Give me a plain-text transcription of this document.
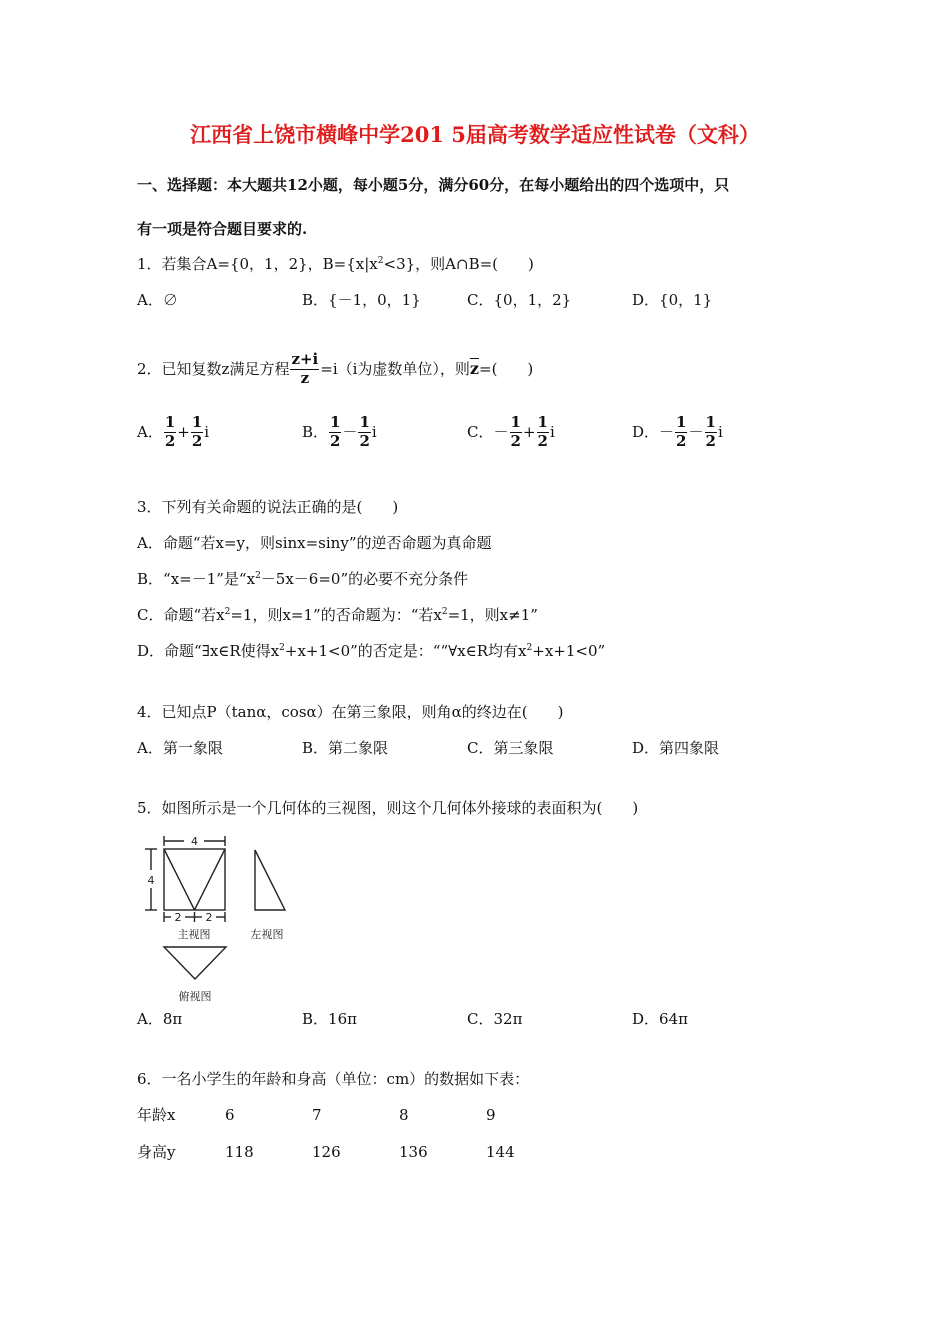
江西省上饶市横峰中学201 5届高考数学适应性试卷（文科）
一、选择题：本大题共12小题，每小题5分，满分60分，在每小题给出的四个选项中，只
有一项是符合题目要求的.
1．若集合A={0，1，2}，$B=\{x|x^2<3\}$，则A∩B=(　　)
A．∅	B．{－1，0，1}	C．{0，1，2}	D．{0，1}
2．已知复数z满足方程 $\frac{z+i}{z} =i(i$为虚数单位），则 $\overline{z}$ =(　　)
A． $\frac{1}{2} + \frac{1}{2}$ i	B． $\frac{1}{2} - \frac{1}{2}$ i	C． － $\frac{1}{2} + \frac{1}{2}$ i	D． － $\frac{1}{2} - \frac{1}{2}$ i
3．下列有关命题的说法正确的是(　　)
A．命题“若x=y，则sinx=siny”的逆否命题为真命题
B．“x=－1”是“$x^2-5x-6=0$”的必要不充分条件
C．命题“若$x^2=1$，则x=1”的否命题为：“若$x^2=1$，则x≠1”
D．命题“∃x∈R使得$x^2+x+1<0$”的否定是：““∀x∈R均有$x^2+x+1<0$”
4．已知点P（tanα，cosα）在第三象限，则角α的终边在(　　)
A．第一象限	B．第二象限	C．第三象限	D．第四象限
5．如图所示是一个几何体的三视图，则这个几何体外接球的表面积为(　　)
4
4
2 2
主视图	左视图
俯视图
A．8π	B．16π	C．32π	D．64π
6．一名小学生的年龄和身高（单位：cm）的数据如下表：
年龄x	6	7	8	9
身高y	118	126	136	144
